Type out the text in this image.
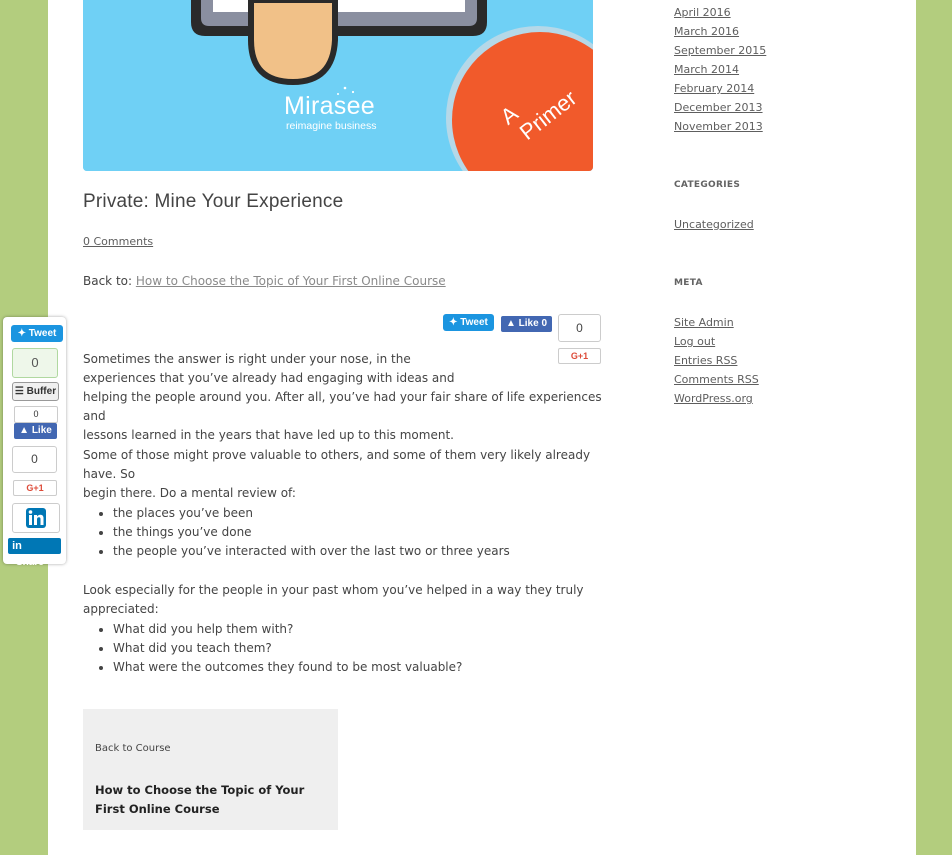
Mirasee
reimagine business	A
Primer
Private: Mine Your Experience
0 Comments
Back to: How to Choose the Topic of Your First Online Course
✦ Tweet	▲ Like 0	0
G+1
Sometimes the answer is right under your nose, in the
experiences that you’ve already had engaging with ideas and
helping the people around you. After all, you’ve had your fair share of life experiences and
lessons learned in the years that have led up to this moment.
Some of those might prove valuable to others, and some of them very likely already have. So
begin there. Do a mental review of:
• the places you’ve been
• the things you’ve done
• the people you’ve interacted with over the last two or three years
Look especially for the people in your past whom you’ve helped in a way they truly appreciated:
• What did you help them with?
• What did you teach them?
• What were the outcomes they found to be most valuable?
Back to Course
How to Choose the Topic of Your First Online Course
✦ Tweet
0
☰ Buffer
0
▲ Like
0
G+1
in Share
April 2016
March 2016
September 2015
March 2014
February 2014
December 2013
November 2013
CATEGORIES
Uncategorized
META
Site Admin
Log out
Entries RSS
Comments RSS
WordPress.org
